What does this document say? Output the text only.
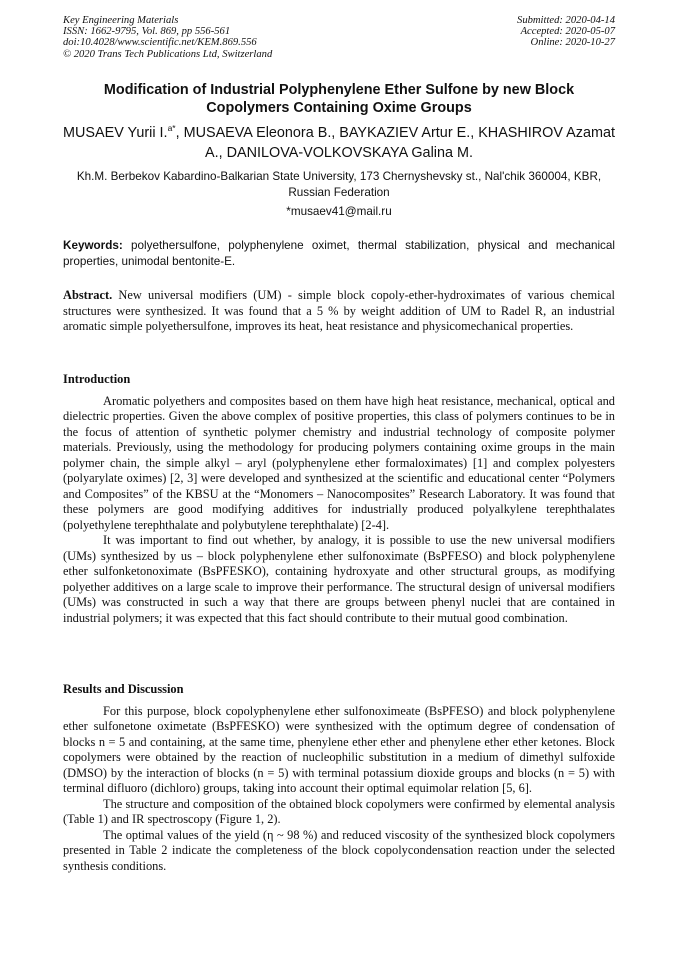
Key Engineering Materials
ISSN: 1662-9795, Vol. 869, pp 556-561
doi:10.4028/www.scientific.net/KEM.869.556
© 2020 Trans Tech Publications Ltd, Switzerland
Submitted: 2020-04-14
Accepted: 2020-05-07
Online: 2020-10-27
Modification of Industrial Polyphenylene Ether Sulfone by new Block Copolymers Containing Oxime Groups
MUSAEV Yurii I.$^{a*}$, MUSAEVA Eleonora B., BAYKAZIEV Artur E., KHASHIROV Azamat A., DANILOVA-VOLKOVSKAYA Galina M.
Kh.M. Berbekov Kabardino-Balkarian State University, 173 Chernyshevsky st., Nal'chik 360004, KBR, Russian Federation
*musaev41@mail.ru
Keywords: polyethersulfone, polyphenylene oximet, thermal stabilization, physical and mechanical properties, unimodal bentonite-E.
Abstract. New universal modifiers (UM) - simple block copoly-ether-hydroximates of various chemical structures were synthesized. It was found that a 5 % by weight addition of UM to Radel R, an industrial aromatic simple polyethersulfone, improves its heat, heat resistance and physicomechanical properties.
Introduction

Aromatic polyethers and composites based on them have high heat resistance, mechanical, optical and dielectric properties. Given the above complex of positive properties, this class of polymers continues to be in the focus of attention of synthetic polymer chemistry and industrial technology of composite polymer materials. Previously, using the methodology for producing polymers containing oxime groups in the main polymer chain, the simple alkyl – aryl (polyphenylene ether formaloximates) [1] and complex polyesters (polyarylate oximes) [2, 3] were developed and synthesized at the scientific and educational center “Polymers and Composites” of the KBSU at the “Monomers – Nanocomposites” Research Laboratory. It was found that these polymers are good modifying additives for industrially produced polyalkylene terephthalates (polyethylene terephthalate and polybutylene terephthalate) [2-4].

It was important to find out whether, by analogy, it is possible to use the new universal modifiers (UMs) synthesized by us – block polyphenylene ether sulfonoximate (BsPFESO) and block polyphenylene ether sulfonketonoximate (BsPFESKO), containing hydroxyate and other structural groups, as modifying polyether additives on a large scale to improve their performance. The structural design of universal modifiers (UMs) was constructed in such a way that there are groups between phenyl nuclei that are contained in industrial polymers; it was expected that this fact should contribute to their mutual good combination.

Results and Discussion

For this purpose, block copolyphenylene ether sulfonoximeate (BsPFESO) and block polyphenylene ether sulfonetone oximetate (BsPFESKO) were synthesized with the optimum degree of condensation of blocks n = 5 and containing, at the same time, phenylene ether ether and phenylene ether ether ketones. Block copolymers were obtained by the reaction of nucleophilic substitution in a medium of dimethyl sulfoxide (DMSO) by the interaction of blocks (n = 5) with terminal potassium dioxide groups and blocks (n = 5) with terminal difluoro (dichloro) groups, taking into account their optimal equimolar relation [5, 6].

The structure and composition of the obtained block copolymers were confirmed by elemental analysis (Table 1) and IR spectroscopy (Figure 1, 2).

The optimal values of the yield (η ~ 98 %) and reduced viscosity of the synthesized block copolymers presented in Table 2 indicate the completeness of the block copolycondensation reaction under the selected synthesis conditions.
